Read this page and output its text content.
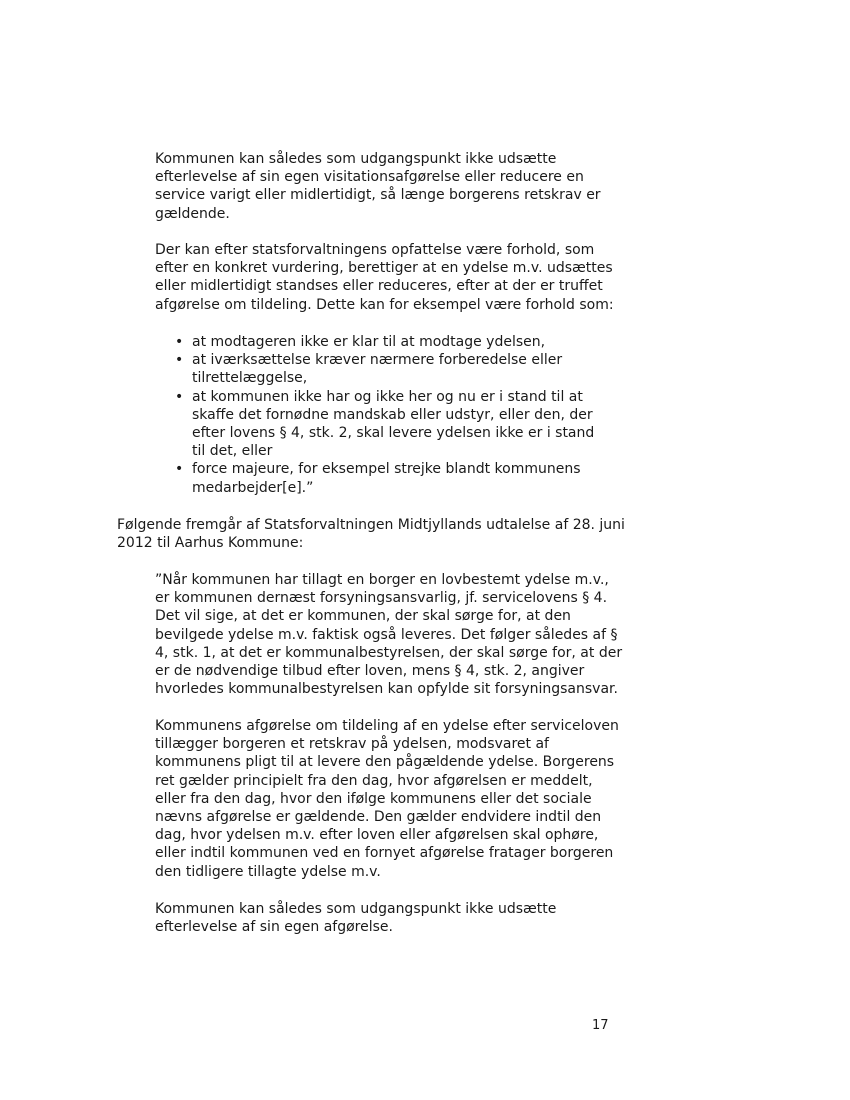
Kommunen kan således som udgangspunkt ikke udsætte efterlevelse af sin egen visitationsafgørelse eller reducere en service varigt eller midlertidigt, så længe borgerens retskrav er gældende.

Der kan efter statsforvaltningens opfattelse være forhold, som efter en konkret vurdering, berettiger at en ydelse m.v. udsættes eller midlertidigt standses eller reduceres, efter at der er truffet afgørelse om tildeling. Dette kan for eksempel være forhold som:

• at modtageren ikke er klar til at modtage ydelsen,
• at iværksættelse kræver nærmere forberedelse eller tilrettelæggelse,
• at kommunen ikke har og ikke her og nu er i stand til at skaffe det fornødne mandskab eller udstyr, eller den, der efter lovens § 4, stk. 2, skal levere ydelsen ikke er i stand til det, eller
• force majeure, for eksempel strejke blandt kommunens medarbejder[e].”

Følgende fremgår af Statsforvaltningen Midtjyllands udtalelse af 28. juni 2012 til Aarhus Kommune:

”Når kommunen har tillagt en borger en lovbestemt ydelse m.v., er kommunen dernæst forsyningsansvarlig, jf. servicelovens § 4. Det vil sige, at det er kommunen, der skal sørge for, at den bevilgede ydelse m.v. faktisk også leveres. Det følger således af § 4, stk. 1, at det er kommunalbestyrelsen, der skal sørge for, at der er de nødvendige tilbud efter loven, mens § 4, stk. 2, angiver hvorledes kommunalbestyrelsen kan opfylde sit forsyningsansvar.

Kommunens afgørelse om tildeling af en ydelse efter serviceloven tillægger borgeren et retskrav på ydelsen, modsvaret af kommunens pligt til at levere den pågældende ydelse. Borgerens ret gælder principielt fra den dag, hvor afgørelsen er meddelt, eller fra den dag, hvor den ifølge kommunens eller det sociale nævns afgørelse er gældende. Den gælder endvidere indtil den dag, hvor ydelsen m.v. efter loven eller afgørelsen skal ophøre, eller indtil kommunen ved en fornyet afgørelse fratager borgeren den tidligere tillagte ydelse m.v.

Kommunen kan således som udgangspunkt ikke udsætte efterlevelse af sin egen afgørelse.

17
